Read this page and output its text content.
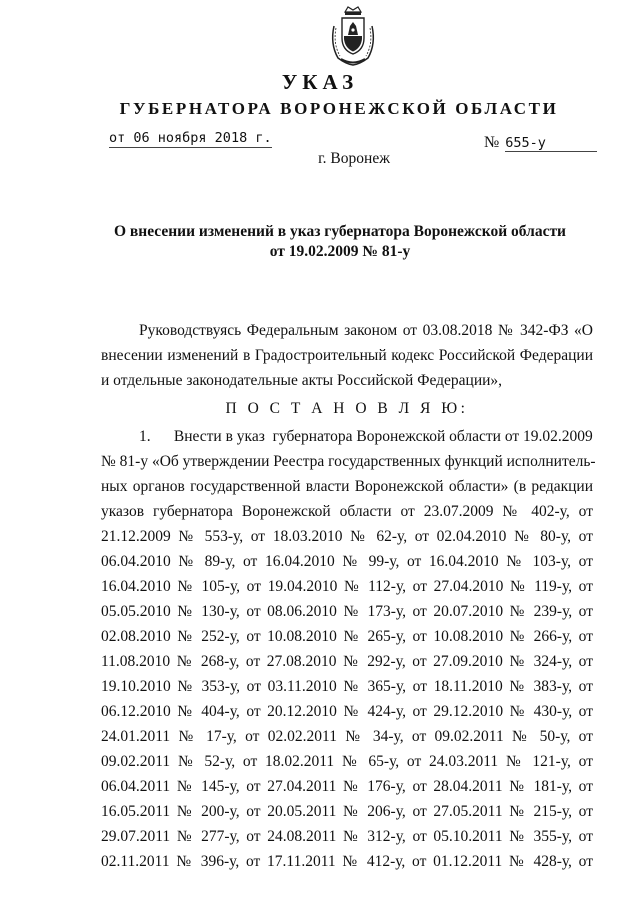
УКАЗ
ГУБЕРНАТОРА ВОРОНЕЖСКОЙ ОБЛАСТИ
от 06 ноября 2018 г.	№ 655-у
г. Воронеж
О внесении изменений в указ губернатора Воронежской области
от 19.02.2009 № 81-у

Руководствуясь Федеральным законом от 03.08.2018 № 342-ФЗ «О внесении изменений в Градостроительный кодекс Российской Федерации и отдельные законодательные акты Российской Федерации»,

П О С Т А Н О В Л Я Ю:

1.      Внести в указ  губернатора Воронежской области от 19.02.2009
№ 81-у «Об утверждении Реестра государственных функций исполнитель-
ных органов государственной власти Воронежской области» (в редакции
указов губернатора Воронежской области от 23.07.2009 № 402-у, от
21.12.2009 № 553-у, от 18.03.2010 № 62-у, от 02.04.2010 № 80-у, от
06.04.2010 № 89-у, от 16.04.2010 № 99-у, от 16.04.2010 № 103-у, от
16.04.2010 № 105-у, от 19.04.2010 № 112-у, от 27.04.2010 № 119-у, от
05.05.2010 № 130-у, от 08.06.2010 № 173-у, от 20.07.2010 № 239-у, от
02.08.2010 № 252-у, от 10.08.2010 № 265-у, от 10.08.2010 № 266-у, от
11.08.2010 № 268-у, от 27.08.2010 № 292-у, от 27.09.2010 № 324-у, от
19.10.2010 № 353-у, от 03.11.2010 № 365-у, от 18.11.2010 № 383-у, от
06.12.2010 № 404-у, от 20.12.2010 № 424-у, от 29.12.2010 № 430-у, от
24.01.2011 № 17-у, от 02.02.2011 № 34-у, от 09.02.2011 № 50-у, от
09.02.2011 № 52-у, от 18.02.2011 № 65-у, от 24.03.2011 № 121-у, от
06.04.2011 № 145-у, от 27.04.2011 № 176-у, от 28.04.2011 № 181-у, от
16.05.2011 № 200-у, от 20.05.2011 № 206-у, от 27.05.2011 № 215-у, от
29.07.2011 № 277-у, от 24.08.2011 № 312-у, от 05.10.2011 № 355-у, от
02.11.2011 № 396-у, от 17.11.2011 № 412-у, от 01.12.2011 № 428-у, от
